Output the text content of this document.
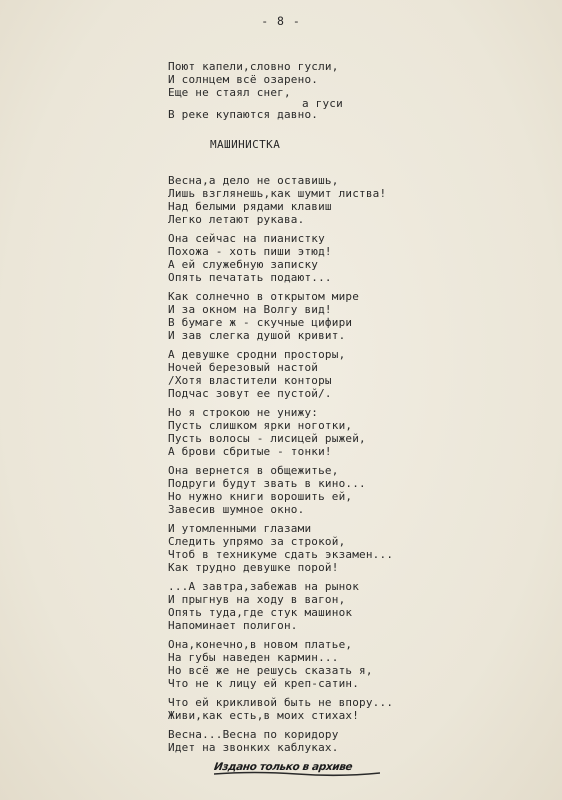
- 8 -
Поют капели,словно гусли,
И солнцем всё озарено.
Еще не стаял снег,
а гуси
В реке купаются давно.
МАШИНИСТКА
Весна,а дело не оставишь,
Лишь взглянешь,как шумит листва!
Над белыми рядами клавиш
Легко летают рукава.
Она сейчас на пианистку
Похожа - хоть пиши этюд!
А ей служебную записку
Опять печатать подают...
Как солнечно в открытом мире
И за окном на Волгу вид!
В бумаге ж - скучные цифири
И зав слегка душой кривит.
А девушке сродни просторы,
Ночей березовый настой
/Хотя властители конторы
Подчас зовут ее пустой/.
Но я строкою не унижу:
Пусть слишком ярки ноготки,
Пусть волосы - лисицей рыжей,
А брови сбритые - тонки!
Она вернется в общежитье,
Подруги будут звать в кино...
Но нужно книги ворошить ей,
Завесив шумное окно.
И утомленными глазами
Следить упрямо за строкой,
Чтоб в техникуме сдать экзамен...
Как трудно девушке порой!
...А завтра,забежав на рынок
И прыгнув на ходу в вагон,
Опять туда,где стук машинок
Напоминает полигон.
Она,конечно,в новом платье,
На губы наведен кармин...
Но всё же не решусь сказать я,
Что не к лицу ей креп-сатин.
Что ей крикливой быть не впору...
Живи,как есть,в моих стихах!
Весна...Весна по коридору
Идет на звонких каблуках.
Издано только в архиве
